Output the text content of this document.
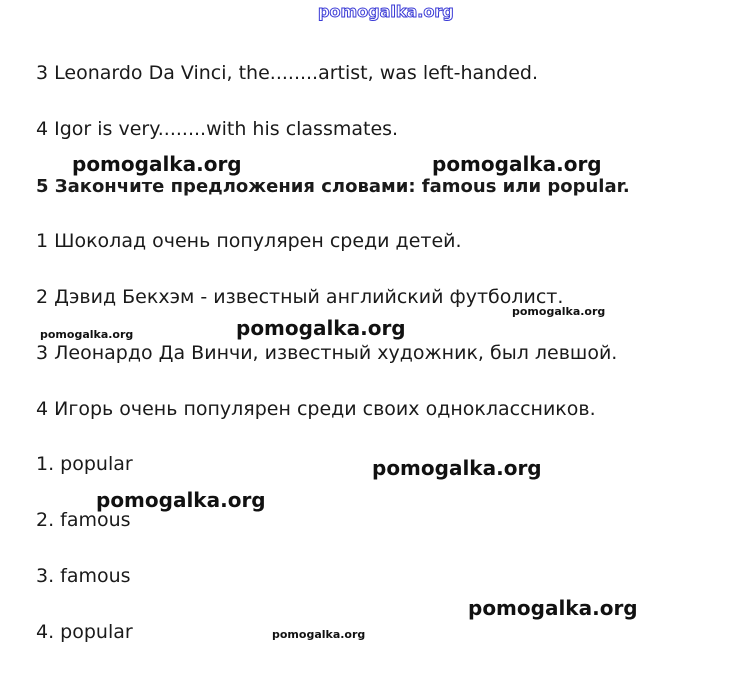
pomogalka.org
3 Leonardo Da Vinci, the........artist, was left-handed.
4 Igor is very........with his classmates.
pomogalka.org	pomogalka.org
5 Закончите предложения словами: famous или popular.
1 Шоколад очень популярен среди детей.
2 Дэвид Бекхэм - известный английский футболист.
pomogalka.org
pomogalka.org
pomogalka.org
3 Леонардо Да Винчи, известный художник, был левшой.
4 Игорь очень популярен среди своих одноклассников.
1. popular	pomogalka.org
pomogalka.org
2. famous
3. famous
pomogalka.org
4. popular	pomogalka.org
